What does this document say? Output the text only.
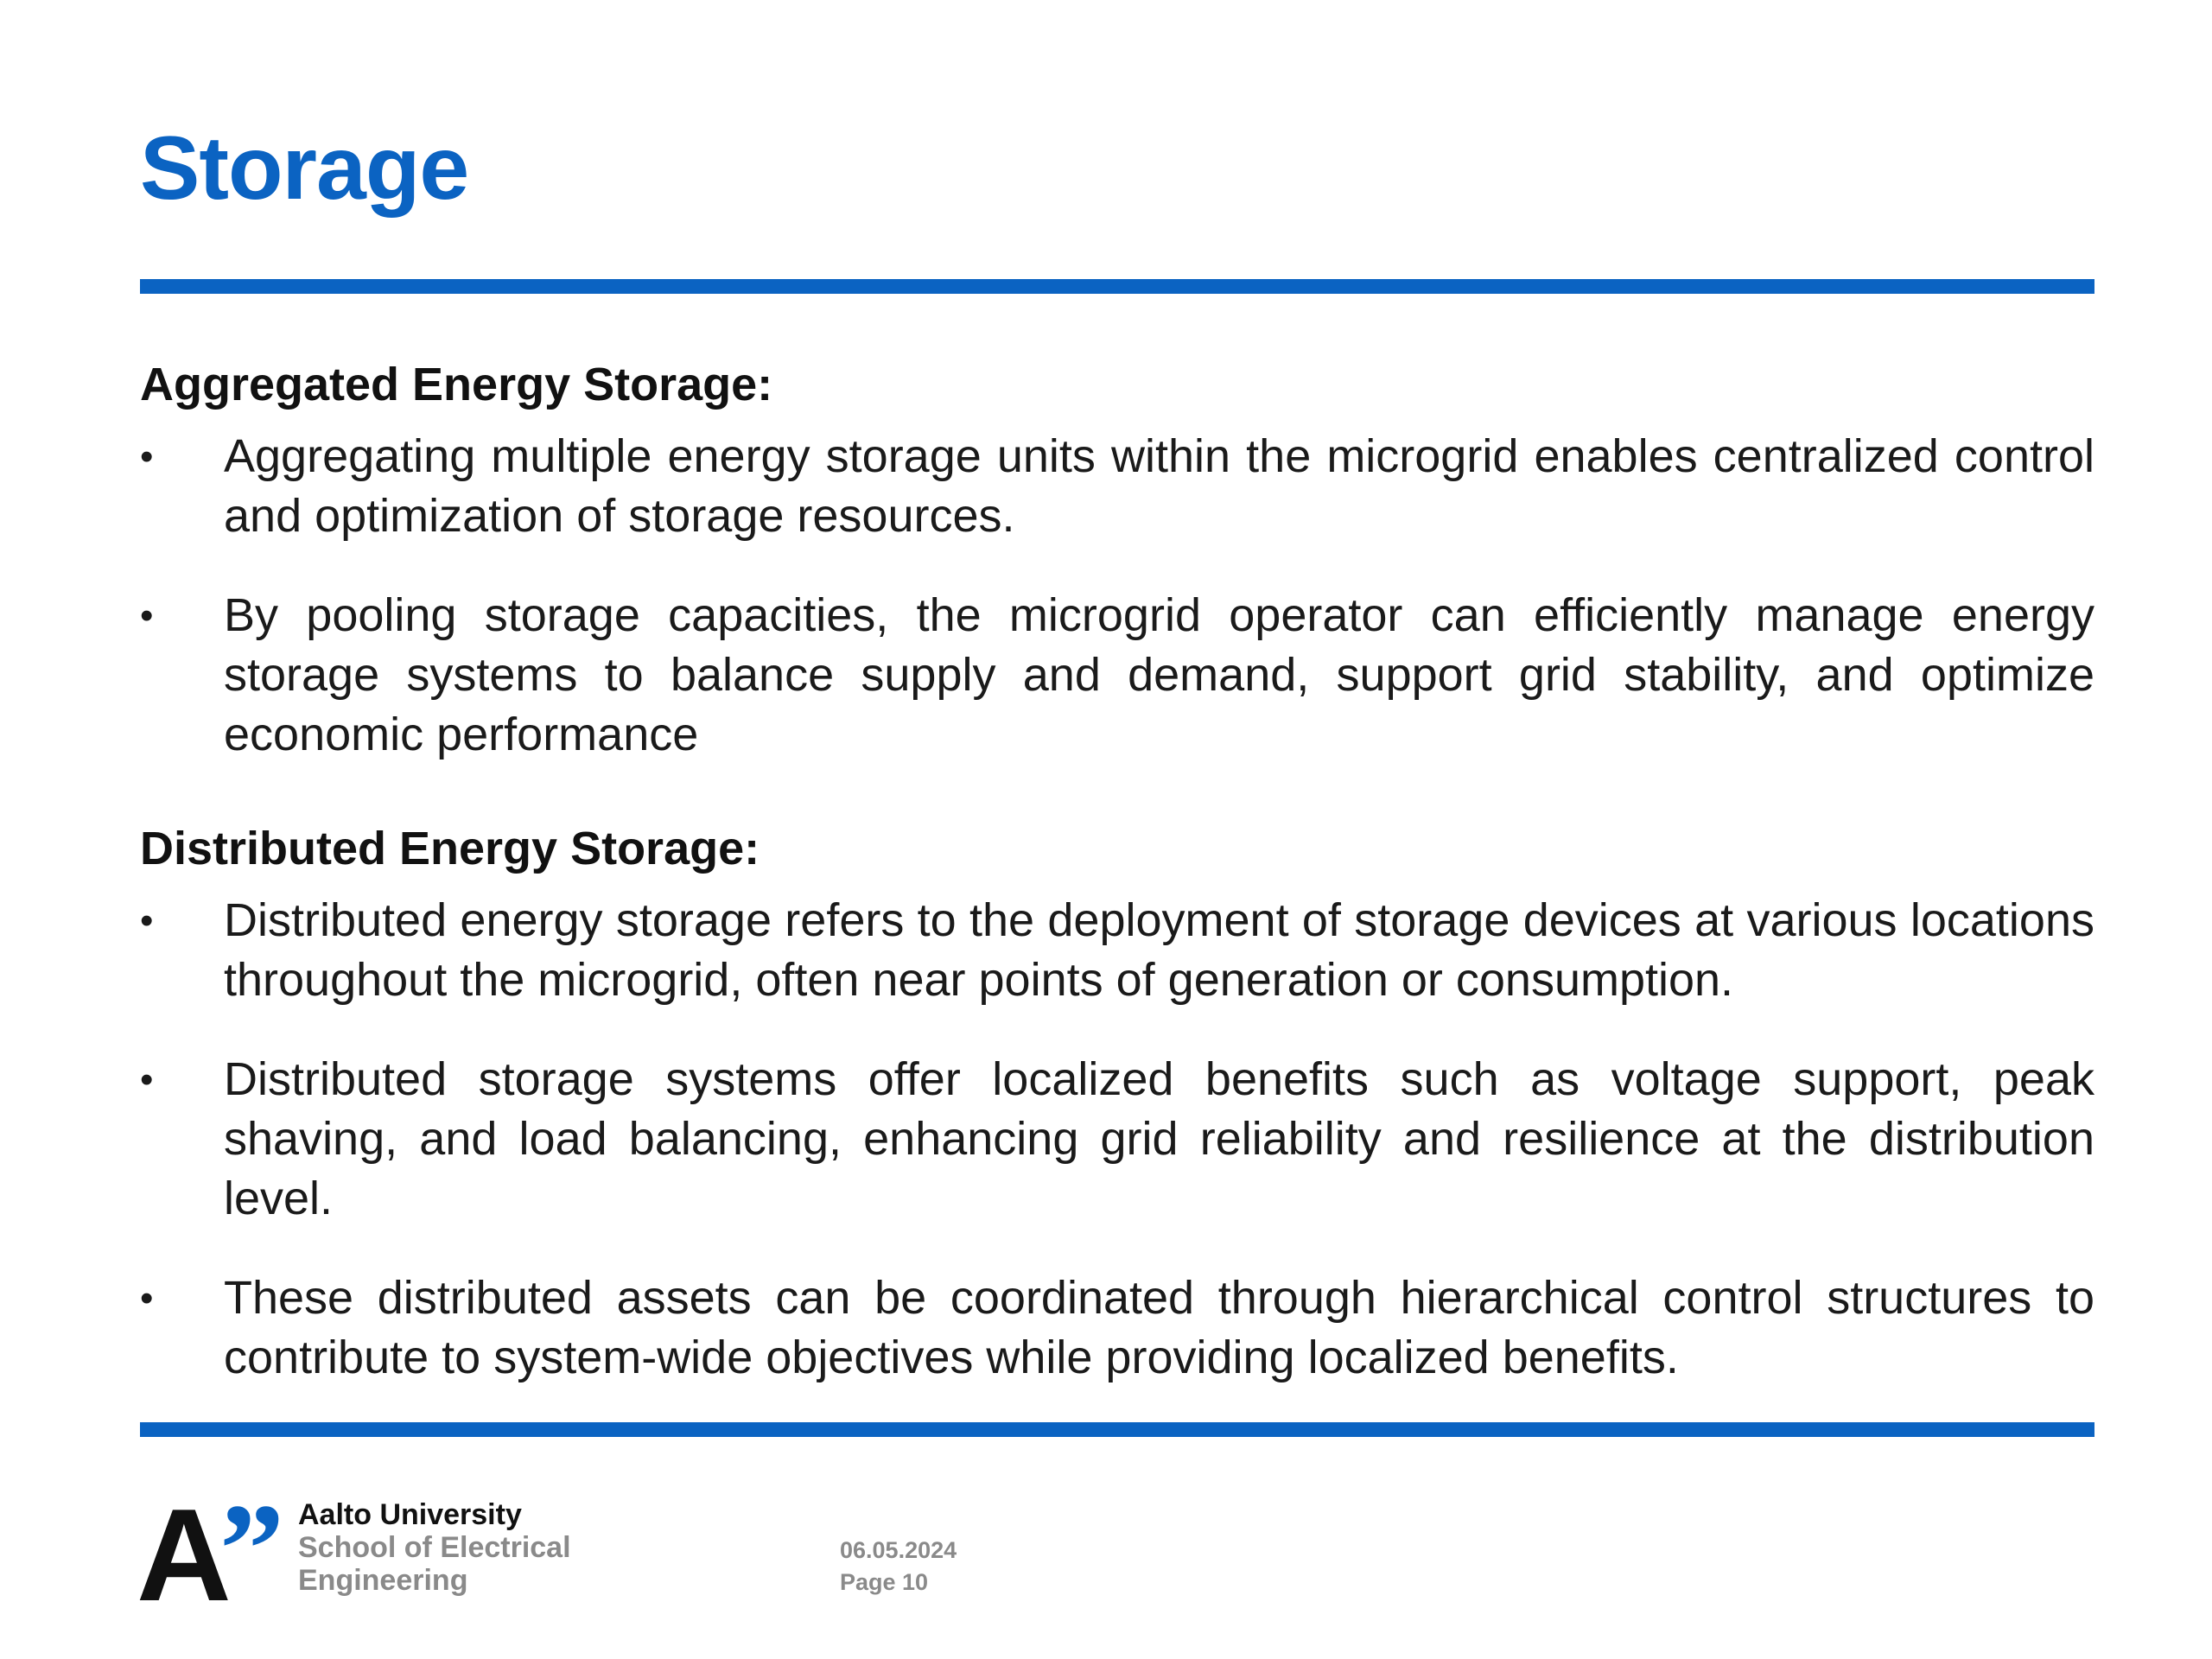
Storage
Aggregated Energy Storage:
• Aggregating multiple energy storage units within the microgrid enables centralized control and optimization of storage resources.
• By pooling storage capacities, the microgrid operator can efficiently manage energy storage systems to balance supply and demand, support grid stability, and optimize economic performance
Distributed Energy Storage:
• Distributed energy storage refers to the deployment of storage devices at various locations throughout the microgrid, often near points of generation or consumption.
• Distributed storage systems offer localized benefits such as voltage support, peak shaving, and load balancing, enhancing grid reliability and resilience at the distribution level.
• These distributed assets can be coordinated through hierarchical control structures to contribute to system-wide objectives while providing localized benefits.
A
” Aalto University
School of Electrical
Engineering
06.05.2024
Page 10
